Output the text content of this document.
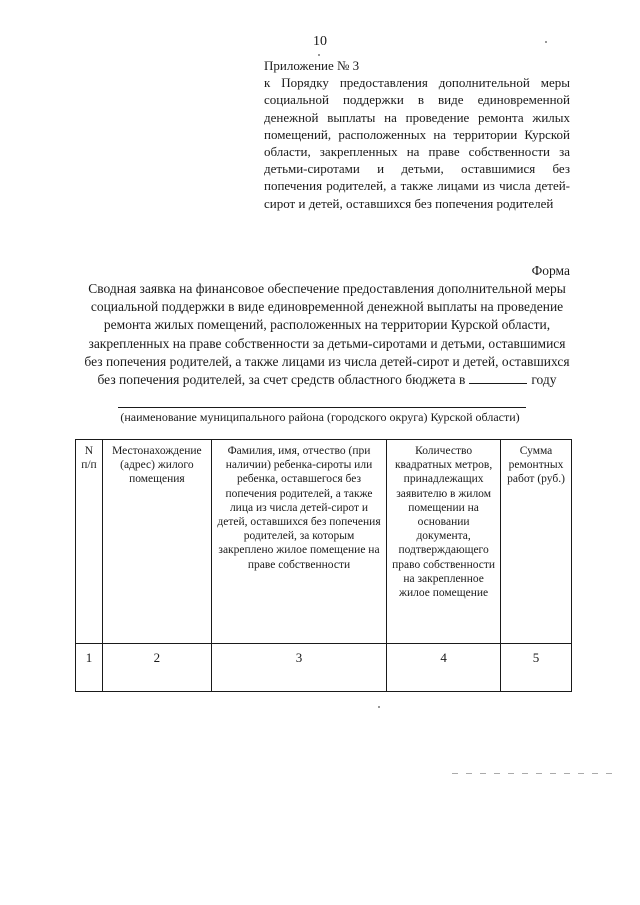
10
Приложение № 3
к Порядку предоставления дополнительной меры социальной поддержки в виде единовременной денежной выплаты на проведение ремонта жилых помещений, расположенных на территории Курской области, закрепленных на праве собственности за детьми-сиротами и детьми, оставшимися без попечения родителей, а также лицами из числа детей-сирот и детей, оставшихся без попечения родителей
Форма
Сводная заявка на финансовое обеспечение предоставления дополнительной меры социальной поддержки в виде единовременной денежной выплаты на проведение ремонта жилых помещений, расположенных на территории Курской области, закрепленных на праве собственности за детьми-сиротами и детьми, оставшимися без попечения родителей, а также лицами из числа детей-сирот и детей, оставшихся без попечения родителей, за счет средств областного бюджета в	году
(наименование муниципального района (городского округа) Курской области)
N п/п	Местонахождение (адрес) жилого помещения	Фамилия, имя, отчество (при наличии) ребенка-сироты или ребенка, оставшегося без попечения родителей, а также лица из числа детей-сирот и детей, оставшихся без попечения родителей, за которым закреплено жилое помещение на праве собственности	Количество квадратных метров, принадлежащих заявителю в жилом помещении на основании документа, подтверждающего право собственности на закрепленное жилое помещение	Сумма ремонтных работ (руб.)
1	2	3	4	5
